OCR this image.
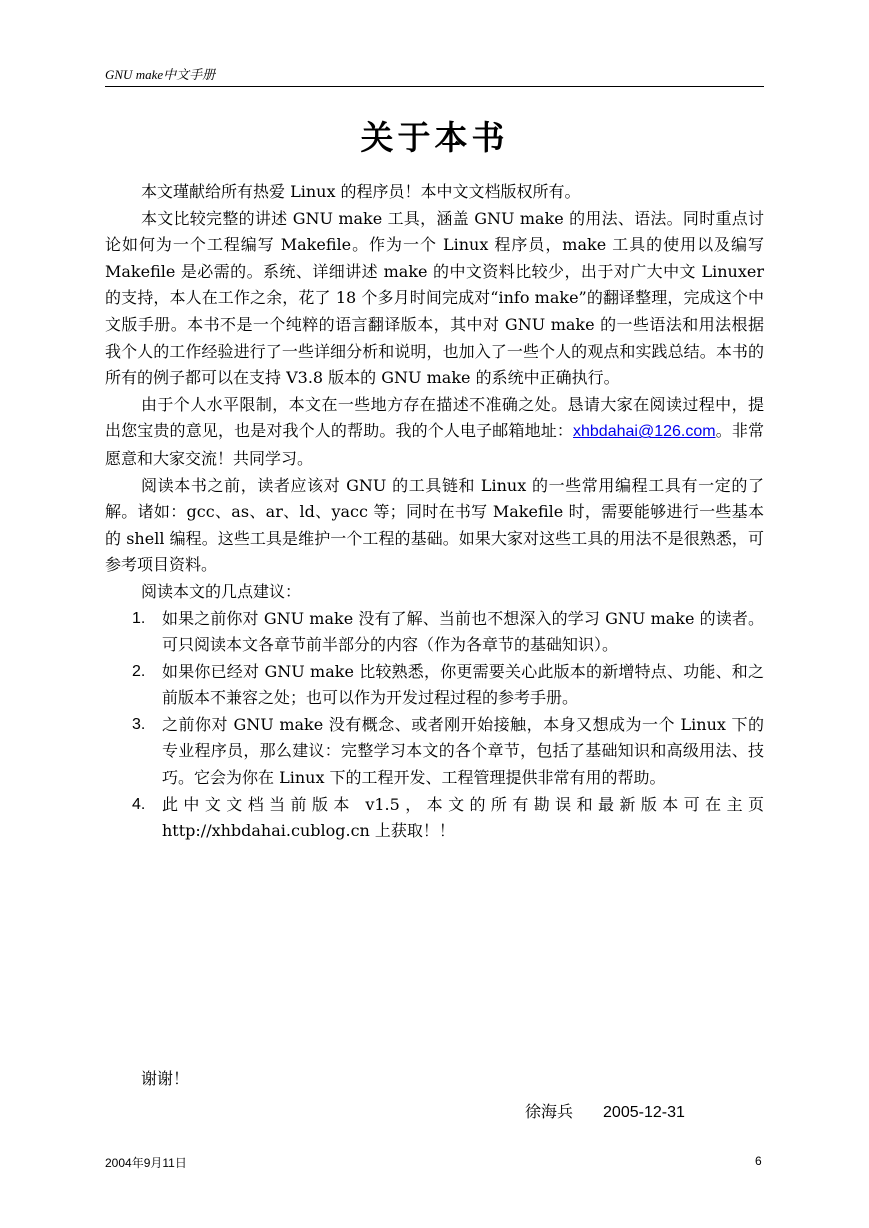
GNU make中文手册
关于本书

本文瑾献给所有热爱 Linux 的程序员！本中文文档版权所有。

本文比较完整的讲述 GNU make 工具，涵盖 GNU make 的用法、语法。同时重点讨论如何为一个工程编写 Makefile。作为一个 Linux 程序员，make 工具的使用以及编写 Makefile 是必需的。系统、详细讲述 make 的中文资料比较少，出于对广大中文 Linuxer 的支持，本人在工作之余，花了 18 个多月时间完成对“info make”的翻译整理，完成这个中文版手册。本书不是一个纯粹的语言翻译版本，其中对 GNU make 的一些语法和用法根据我个人的工作经验进行了一些详细分析和说明，也加入了一些个人的观点和实践总结。本书的所有的例子都可以在支持 V3.8 版本的 GNU make 的系统中正确执行。

由于个人水平限制，本文在一些地方存在描述不准确之处。恳请大家在阅读过程中，提出您宝贵的意见，也是对我个人的帮助。我的个人电子邮箱地址：xhbdahai@126.com。非常愿意和大家交流！共同学习。

阅读本书之前，读者应该对 GNU 的工具链和 Linux 的一些常用编程工具有一定的了解。诸如：gcc、as、ar、ld、yacc 等；同时在书写 Makefile 时，需要能够进行一些基本的 shell 编程。这些工具是维护一个工程的基础。如果大家对这些工具的用法不是很熟悉，可参考项目资料。

阅读本文的几点建议：

1. 如果之前你对 GNU make 没有了解、当前也不想深入的学习 GNU make 的读者。可只阅读本文各章节前半部分的内容（作为各章节的基础知识）。
2. 如果你已经对 GNU make 比较熟悉，你更需要关心此版本的新增特点、功能、和之前版本不兼容之处；也可以作为开发过程过程的参考手册。
3. 之前你对 GNU make 没有概念、或者刚开始接触，本身又想成为一个 Linux 下的专业程序员，那么建议：完整学习本文的各个章节，包括了基础知识和高级用法、技巧。它会为你在 Linux 下的工程开发、工程管理提供非常有用的帮助。
4. 此中文文档当前版本 v1.5，本文的所有勘误和最新版本可在主页 http://xhbdahai.cublog.cn 上获取！！
谢谢！
徐海兵 2005-12-31
2004年9月11日	6
